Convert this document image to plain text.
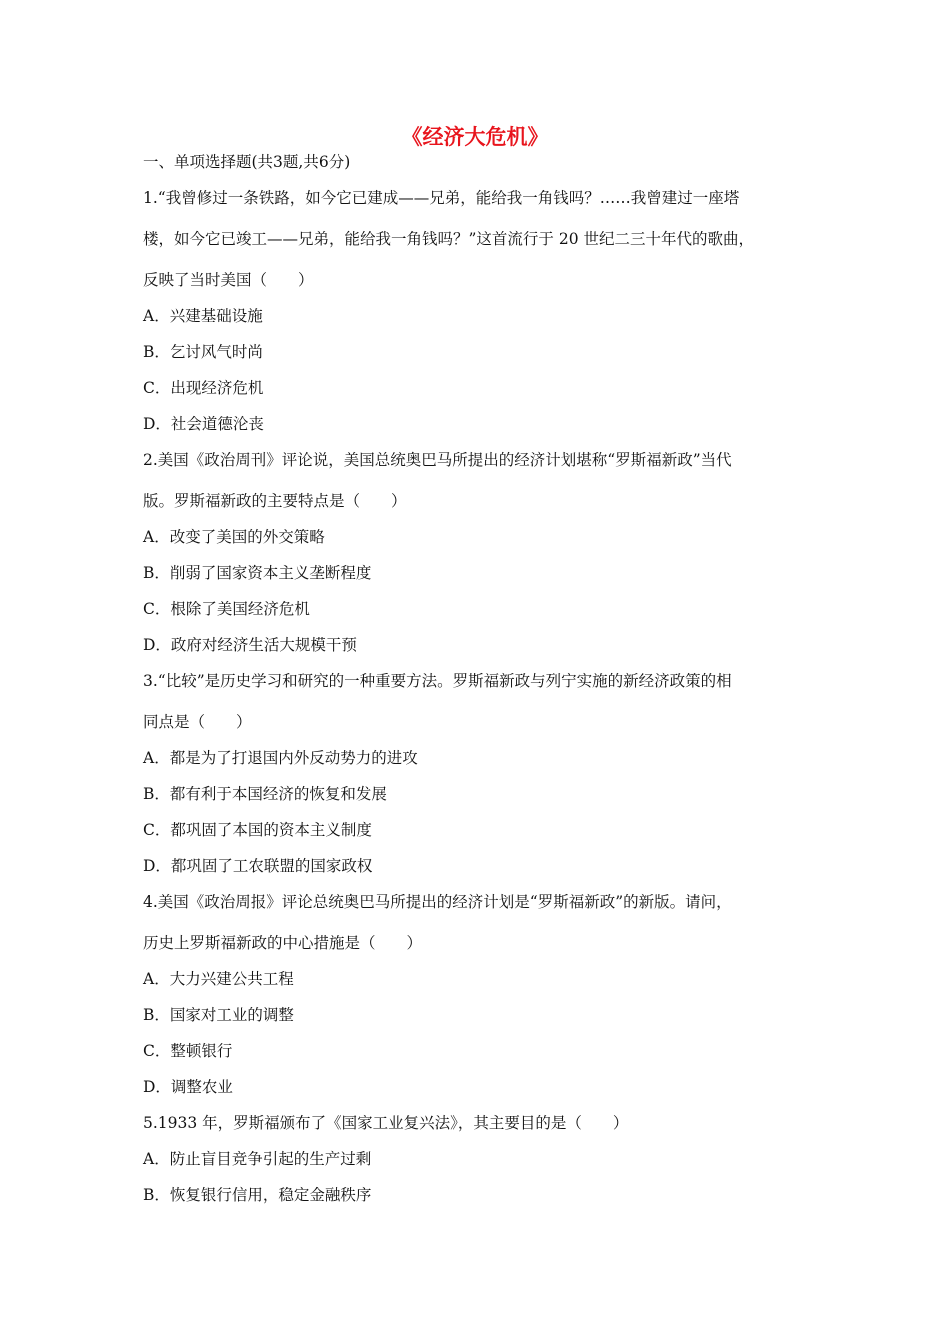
《经济大危机》
一、单项选择题(共3题,共6分)
1.“我曾修过一条铁路，如今它已建成——兄弟，能给我一角钱吗？……我曾建过一座塔
楼，如今它已竣工——兄弟，能给我一角钱吗？”这首流行于 20 世纪二三十年代的歌曲，
反映了当时美国（　　）
A．兴建基础设施
B．乞讨风气时尚
C．出现经济危机
D．社会道德沦丧
2.美国《政治周刊》评论说，美国总统奥巴马所提出的经济计划堪称“罗斯福新政”当代
版。罗斯福新政的主要特点是（　　）
A．改变了美国的外交策略
B．削弱了国家资本主义垄断程度
C．根除了美国经济危机
D．政府对经济生活大规模干预
3.“比较”是历史学习和研究的一种重要方法。罗斯福新政与列宁实施的新经济政策的相
同点是（　　）
A．都是为了打退国内外反动势力的进攻
B．都有利于本国经济的恢复和发展
C．都巩固了本国的资本主义制度
D．都巩固了工农联盟的国家政权
4.美国《政治周报》评论总统奥巴马所提出的经济计划是“罗斯福新政”的新版。请问，
历史上罗斯福新政的中心措施是（　　）
A．大力兴建公共工程
B．国家对工业的调整
C．整顿银行
D．调整农业
5.1933 年，罗斯福颁布了《国家工业复兴法》，其主要目的是（　　）
A．防止盲目竞争引起的生产过剩
B．恢复银行信用，稳定金融秩序
